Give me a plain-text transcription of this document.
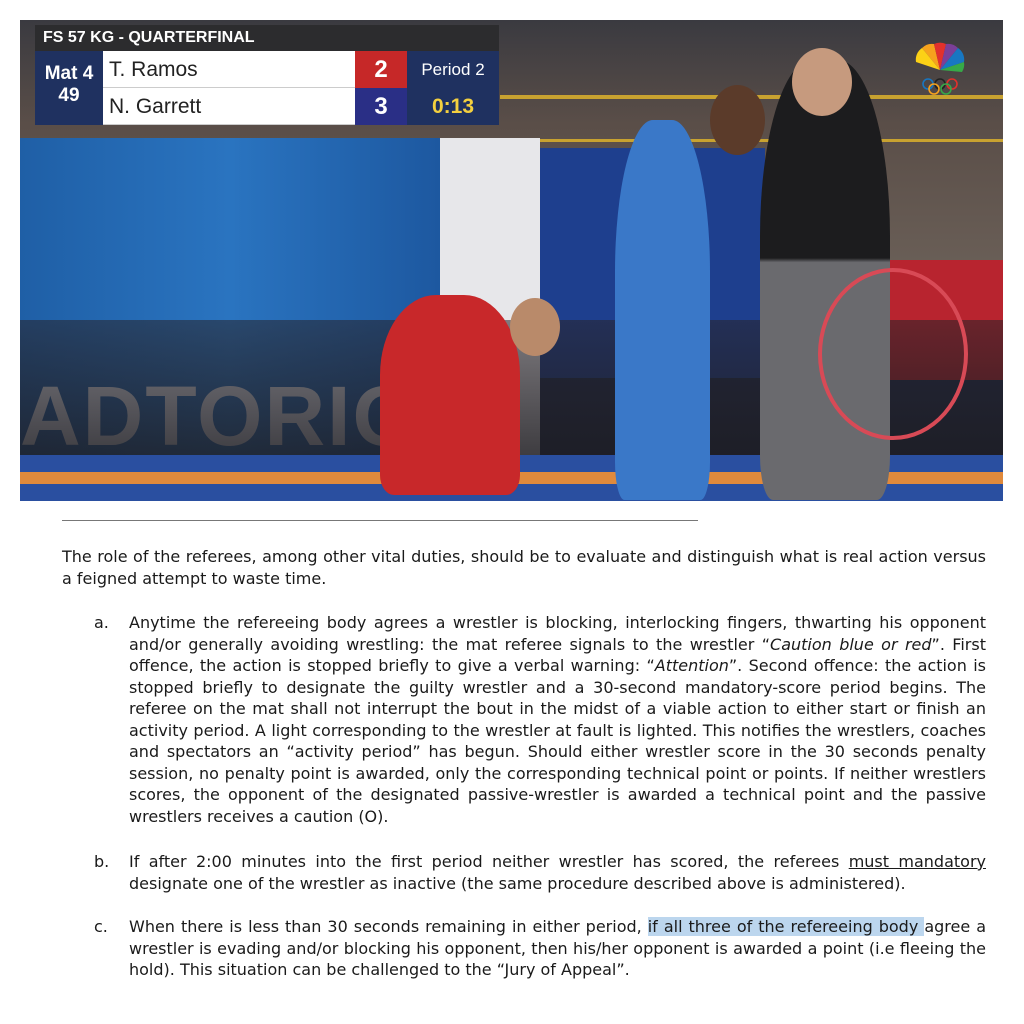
FS 57 KG - QUARTERFINAL
Mat 4
49
T. Ramos	2	Period 2
N. Garrett	3	0:13
The role of the referees, among other vital duties, should be to evaluate and distinguish what is real action versus a feigned attempt to waste time.
a. Anytime the refereeing body agrees a wrestler is blocking, interlocking fingers, thwarting his opponent and/or generally avoiding wrestling: the mat referee signals to the wrestler “Caution blue or red”. First offence, the action is stopped briefly to give a verbal warning: “Attention”. Second offence: the action is stopped briefly to designate the guilty wrestler and a 30-second mandatory-score period begins. The referee on the mat shall not interrupt the bout in the midst of a viable action to either start or finish an activity period. A light corresponding to the wrestler at fault is lighted. This notifies the wrestlers, coaches and spectators an “activity period” has begun. Should either wrestler score in the 30 seconds penalty session, no penalty point is awarded, only the corresponding technical point or points. If neither wrestlers scores, the opponent of the designated passive-wrestler is awarded a technical point and the passive wrestlers receives a caution (O).
b. If after 2:00 minutes into the first period neither wrestler has scored, the referees must mandatory designate one of the wrestler as inactive (the same procedure described above is administered).
c. When there is less than 30 seconds remaining in either period, if all three of the refereeing body agree a wrestler is evading and/or blocking his opponent, then his/her opponent is awarded a point (i.e fleeing the hold). This situation can be challenged to the “Jury of Appeal”.
